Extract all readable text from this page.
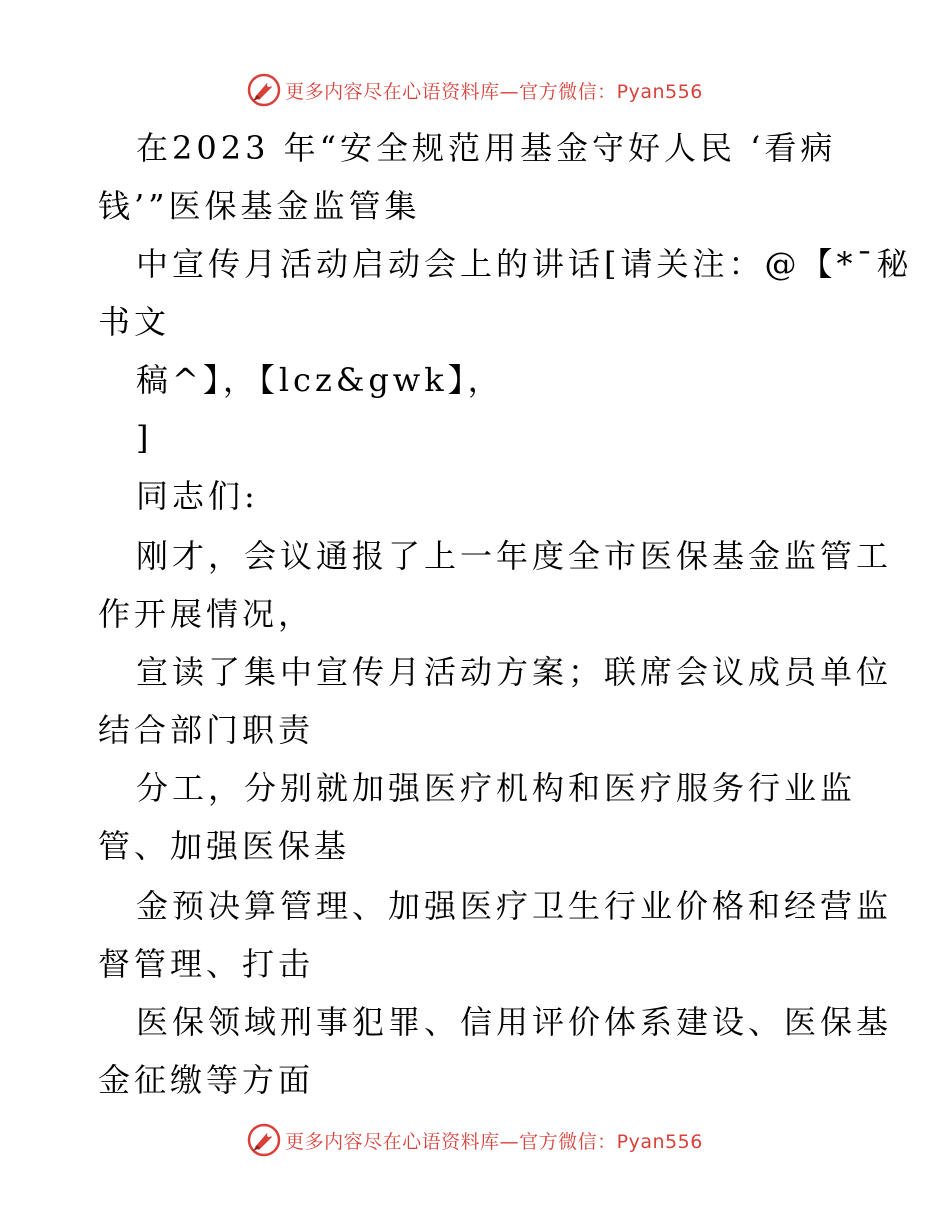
更多内容尽在心语资料库—官方微信：Pyan556
在2023 年“安全规范用基金守好人民 ‘看病
钱’”医保基金监管集
中宣传月活动启动会上的讲话[请关注：@【*¯秘
书文
稿^】，【lcz&gwk】，
]
同志们:
刚才，会议通报了上一年度全市医保基金监管工
作开展情况，
宣读了集中宣传月活动方案；联席会议成员单位
结合部门职责
分工，分别就加强医疗机构和医疗服务行业监
管、加强医保基
金预决算管理、加强医疗卫生行业价格和经营监
督管理、打击
医保领域刑事犯罪、信用评价体系建设、医保基
金征缴等方面
更多内容尽在心语资料库—官方微信：Pyan556
